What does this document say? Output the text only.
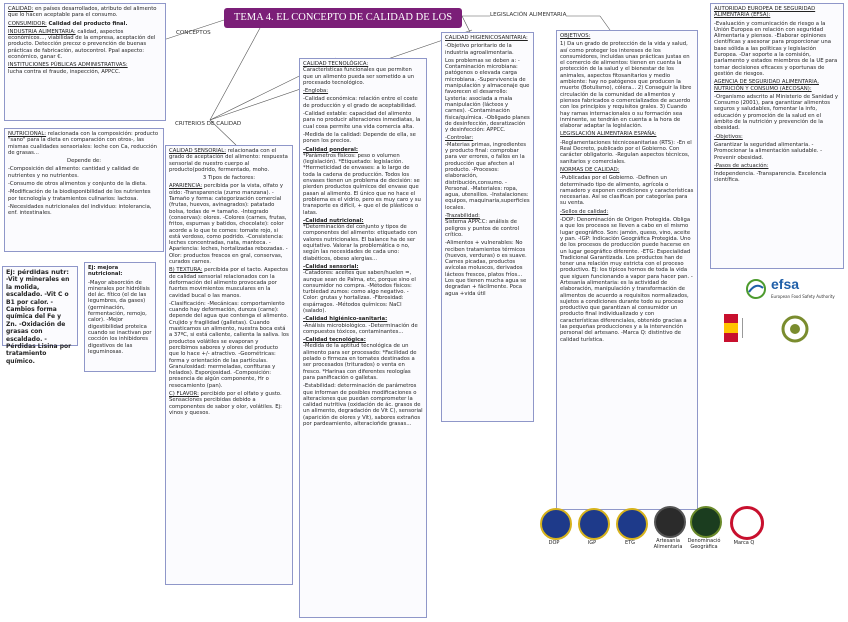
TEMA 4. EL CONCEPTO DE CALIDAD DE LOS ALIMENTOS.
CONCEPTOS
CRITERIOS DE CALIDAD
LEGISLACIÓN ALIMENTARIA

CALIDAD: en países desarrollados, atributo del alimento que lo hacen aceptable para el consumo.

CONSUMIDOR: Calidad del producto final.

INDUSTRIA ALIMENTARIA: calidad, aspectos económicos..., viabilidad de la empresa, aceptación del producto. Detección precoz o prevención de buenas prácticas de fabricación, autocontrol. Ppal aspecto: económico, ganar €.

INSTITUCIONES PÚBLICAS ADMINISTRATIVAS:
lucha contra el fraude, inspección, APPCC.

NUTRICIONAL: relacionada con la composición: producto "sano" para la dieta en comparación con otros-, las mismas cualidades sensoriales: leche con Ca, reducción de grasas...

Depende de:

-Composición del alimento: cantidad y calidad de nutrientes y no nutrientes.

-Consumo de otros alimentos y conjunto de la dieta.

-Modificación de la biodisponibilidad de los nutrientes por tecnología y tratamientos culinarios: lactosa.

-Necesidades nutricionales del individuo: intolerancia, enf. intestinales.

Ej: pérdidas nutr:
-Vit y minerales en la molida, escaldado. -Vit C o B1 por calor. -Cambios forma química del Fe y Zn. -Oxidación de grasas con escaldado. -Pérdidas Lisina por tratamiento químico.

Ej: mejora nutricional:

-Mayor absorción de minerales por hidrólisis del ác. fítico (el de las legumbres, da gases) (germinación, fermentación, remojo, calor). -Mejor digestibilidad proteica cuando se inactivan por cocción los inhibidores digestivos de las leguminosas.

CALIDAD SENSORIAL: relacionada con el grado de aceptación del alimento: respuesta sensorial de nuestro cuerpo al producto(podrido, fermentado, moho.

3 Tipos de factores:

APARIENCIA: percibida por la vista, olfato y oído: -Transparencia (zumo manzana). -Tamaño y forma: categorización comercial (frutas, huevos, avinagrados): patatado bolsa, todas de = tamaño. -Integrado (conservas): olores. -Colores (carnes, frutas, fritos, espumas y batidos, chocolate): color acorde a lo que te comes: tomate rojo, si está verdoso, como podrido. -Consistencia: leches concentradas, nata, manteca. -Apariencia: leches, hortalizadas rebozadas. -Olor: productos frescos en gral, conservas, curados carnes.

B) TEXTURA: percibida por el tacto. Aspectos de calidad sensorial relacionados con la deformación del alimento provocada por fuertes movimientos musculares en la cavidad bucal o las manos.

-Clasificación: -Mecánicas: comportamiento cuando hay deformación, dureza (carne): depende del agua que contenga el alimento. Crujido y fragilidad (galletas). Cuando masticamos un alimento, nuestra boca está a 37ºC, si está caliente, calienta la saliva. los productos volátiles se evaporan y percibimos sabores y olores del producto que lo hace +/- atractivo. -Geométricas: forma y orientación de las partículas. Granulosidad: mermeladas, confituras y helados). Esponjosidad. -Composición: presencia de algún componente, Hr o resecamiento (pan).

C) FLAVOR: percibido por el olfato y gusto. Sensaciones percibidas debido a componentes de sabor y olor, volátiles. Ej: vinos y quesos.

CALIDAD TECNOLÓGICA:
Características funcionales que permiten que un alimento pueda ser sometido a un procesado tecnológico.

-Engloba:

-Calidad económica: relación entre el coste de producción y el grado de aceptabilidad.

-Calidad estable: capacidad del alimento para no producir alteraciones inmediatas, la cual cosa permite una vida comercia alta.

-Medida de la calidad: Depende de ella, se ponen los precios.

-Calidad ponderal:
*Parámetros físicos: peso o volumen (legislación). *Etiquetado: legislación. *Hermeticidad de envases: a lo largo de toda la cadena de producción. Todos los envases tienen un problema de decisión: se pierden productos químicos del envase que pasan al alimento. El único que no hace el problema es el vidrio, pero es muy caro y su transporte es difícil, + que el de plásticos o latas.

-Calidad nutricional:
*Determinación del conjunto y tipos de componentes del alimento: etiquetado con valores nutricionales. El balance ha de ser equitativo. Valorar la problemática o no, según las necesidades de cada uno: diabéticos, obeso alergias...

-Calidad sensorial:
-Catadores: aceites que saben/huelen =, aunque sean de Palma, etc, porque sino el consumidor no compra. -Métodos físicos: turbiedad zumos: como algo negativo. -Color: grutas y hortalizas. -Fibrosidad: espárragos. -Métodos químicos: NaCl (salado).

-Calidad higiénico-sanitaria:
-Análisis microbiológico. -Determinación de compuestos tóxicos, contaminantes...

-Calidad tecnológica:
-Medida de la aptitud tecnológica de un alimento para ser procesado: *Facilidad de pelado o firmeza en tomates destinados a ser procesados (triturados) o venta en fresco. *Harinas con diferentes reologías para panificación o galletas.

-Estabilidad: determinación de parámetros que informan de posibles modificaciones o alteraciones que puedan comprometer la calidad nutritiva (oxidación de ác. grasos de un alimento, degradación de Vit C), sensorial (aparición de olores y Vit), sabores extraños por pardeamiento, alteracioñde grasas...

CALIDAD HIGIENICOSANITARIA:

-Objetivo prioritario de la industria agroalimentaria.

Los problemas se deben a: -Contaminación microbiana: patógenos o elevada carga microbiana. -Supervivencia de manipulación y almacenaje que favorecen el desarrollo: Lysteria: asociada a mala manipulación (lácteos y carnes). -Contaminación física/química. -Obligado planes de desinfección, desratización y desinfección: APPCC.

-Controlar:
-Materias primas, ingredientes y producto final: comprobar para ver errores, o fallos en la producción que afecten al producto. -Procesos: elaboración, distribución,consumo. -Personal. -Materiales: ropa, agua, utensilios. -Instalaciones: equipos, maquinaria,superficies locales.

-Trazabilidad:
Sistema APPCC: análisis de peligros y puntos de control crítico.

-Alimentos + vulnerables: No reciben tratamientos térmicos (huevos, verduras) o es suave. Carnes picadas, productos avícolas moluscos, derivados lácteos frescos, platos fríos... Los que tienen mucha agua se degradan + fácilmente. Poca agua +vida útil

OBJETIVOS:

1) Da un grado de protección de la vida y salud, así como proteger los intereses de los consumidores, incluidas unas prácticas justas en el comercio de alimentos: tienen en cuenta la protección de la salud y el bienestar de los animales, aspectos fitosanitarios y medio ambiente: hay no patógenos que producen la muerte (Botulismo), cólera... 2) Conseguir la libre circulación de la comunidad de alimentos y piensos fabricados o comercializados de acuerdo con los principios y requisitos grales. 3) Cuando hay ramas internacionales o su formación sea inminente, se tendrán en cuenta a la hora de elaborar adaptar la legislación.

LEGISLACIÓN ALIMENTARIA ESPAÑA:

-Reglamentaciones técnicosanitarias (RTS): -En el Real Decreto, publicado por el Gobierno. Con carácter obligatorio. -Regulan aspectos técnicos, sanitarios y comerciales.

NORMAS DE CALIDAD:

-Publicadas por el Gobierno. -Definen un determinado tipo de alimento, agrícola o ramadero y exponen condiciones y características necesarias. Así se clasifican por categorías para su venta.

-Sellos de calidad:

-DOP: Denominación de Origen Protegida. Obliga a que los procesos se lleven a cabo en el mismo lugar geográfico. Son: jamón, queso, vino, aceite y pan. -IGP: Indicación Geográfica Protegida. Uno de los procesos de producción puede hacerse en un lugar geográfico diferente. -ETG: Especialidad Tradicional Garantizada. Los productos han de tener una relación muy estricta con el proceso productivo. Ej: los típicos hornos de toda la vida que siguen funcionando a vapor para hacer pan. -Artesanía alimentaria: es la actividad de elaboración, manipulación y transformación de alimentos de acuerdo a requisitos normalizados, sujetos a condiciones durante todo su proceso productivo que garantizan al consumidor un producto final individualizado y con características diferenciales, obtenido gracias a las pequeñas producciones y a la intervención personal del artesano. -Marca Q: distintivo de calidad turística.

AUTORIDAD EUROPEA DE SEGURIDAD ALIMENTARIA (EFSA):

-Evaluación y comunicación de riesgo a la Unión Europea en relación con seguridad Alimentaria y piensos. -Elaborar opiniones científicas y asesorar para proporcionar una base sólida a las políticas y legislación Europea. -Dar soporte a la comisión, parlamento y estados miembros de la UE para tomar decisiones eficaces y oportunas de gestión de riesgos.

AGENCIA DE SEGURIDAD ALIMENTARIA, NUTRICIÓN Y CONSUMO (AECOSAN):

-Organismo adscrito al Ministerio de Sanidad y Consumo (2001), para garantizar alimentos seguros y saludables, fomentar la info, educación y promoción de la salud en el ámbito de la nutrición y prevención de la obesidad.

-Objetivos:

Garantizar la seguridad alimentaria. -Promocionar la alimentación saludable. -Prevenir obesidad.

-Pasos de actuación:

Independencia. -Transparencia. Excelencia científica.

efsa
European Food Safety Authority
DOP	IGP	ETG	Artesanía Alimentaria
Denominació Geogràfica
Marca Q
